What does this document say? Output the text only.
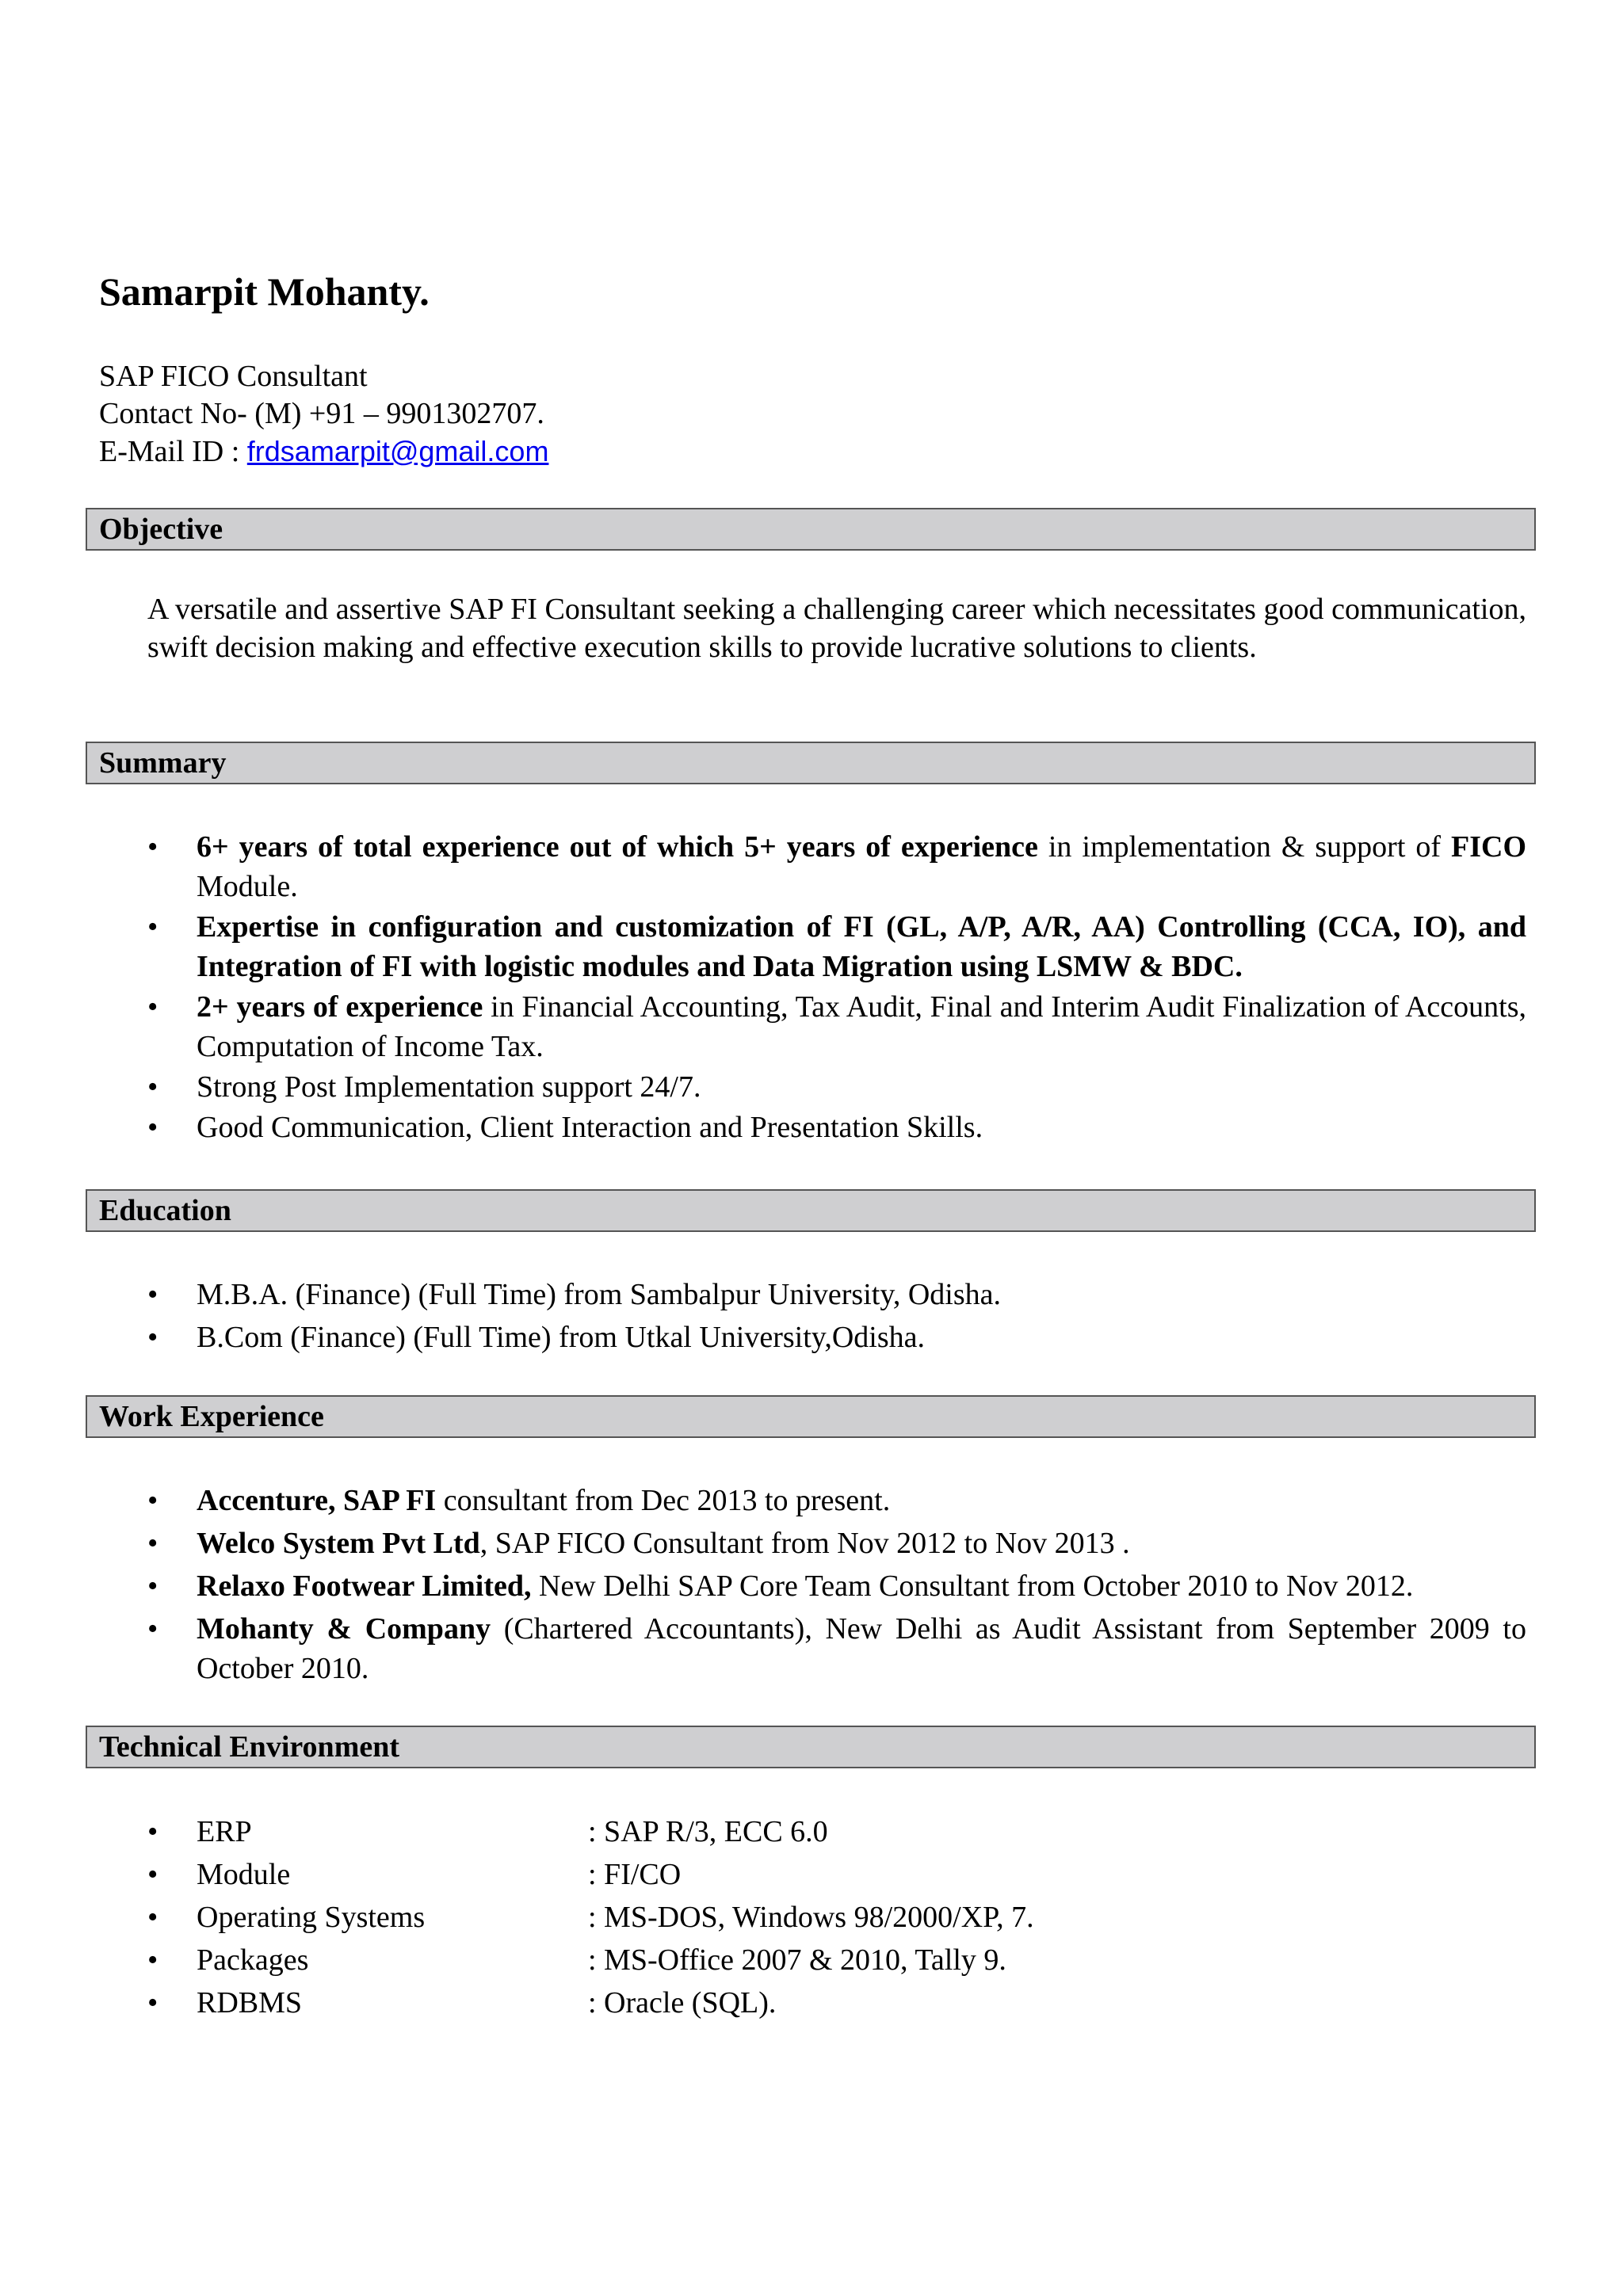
Samarpit Mohanty.
SAP FICO Consultant
Contact No- (M) +91 – 9901302707.
E-Mail ID : frdsamarpit@gmail.com
Objective

A versatile and assertive SAP FI Consultant seeking a challenging career which necessitates good communication, swift decision making and effective execution skills to provide lucrative solutions to clients.

Summary
• 6+ years of total experience out of which 5+ years of experience in implementation & support of FICO Module.
• Expertise in configuration and customization of FI (GL, A/P, A/R, AA) Controlling (CCA, IO), and Integration of FI with logistic modules and Data Migration using LSMW & BDC.
• 2+ years of experience in Financial Accounting, Tax Audit, Final and Interim Audit Finalization of Accounts, Computation of Income Tax.
• Strong Post Implementation support 24/7.
• Good Communication, Client Interaction and Presentation Skills.
Education
• M.B.A. (Finance) (Full Time) from Sambalpur University, Odisha.
• B.Com (Finance) (Full Time) from Utkal University,Odisha.
Work Experience
• Accenture, SAP FI consultant from Dec 2013 to present.
• Welco System Pvt Ltd, SAP FICO Consultant from Nov 2012 to Nov 2013 .
• Relaxo Footwear Limited, New Delhi SAP Core Team Consultant from October 2010 to Nov 2012.
• Mohanty & Company (Chartered Accountants), New Delhi as Audit Assistant from September 2009 to October 2010.
Technical Environment
• ERP	: SAP R/3, ECC 6.0
• Module	: FI/CO
• Operating Systems	: MS-DOS, Windows 98/2000/XP, 7.
• Packages	: MS-Office 2007 & 2010, Tally 9.
• RDBMS	: Oracle (SQL).
